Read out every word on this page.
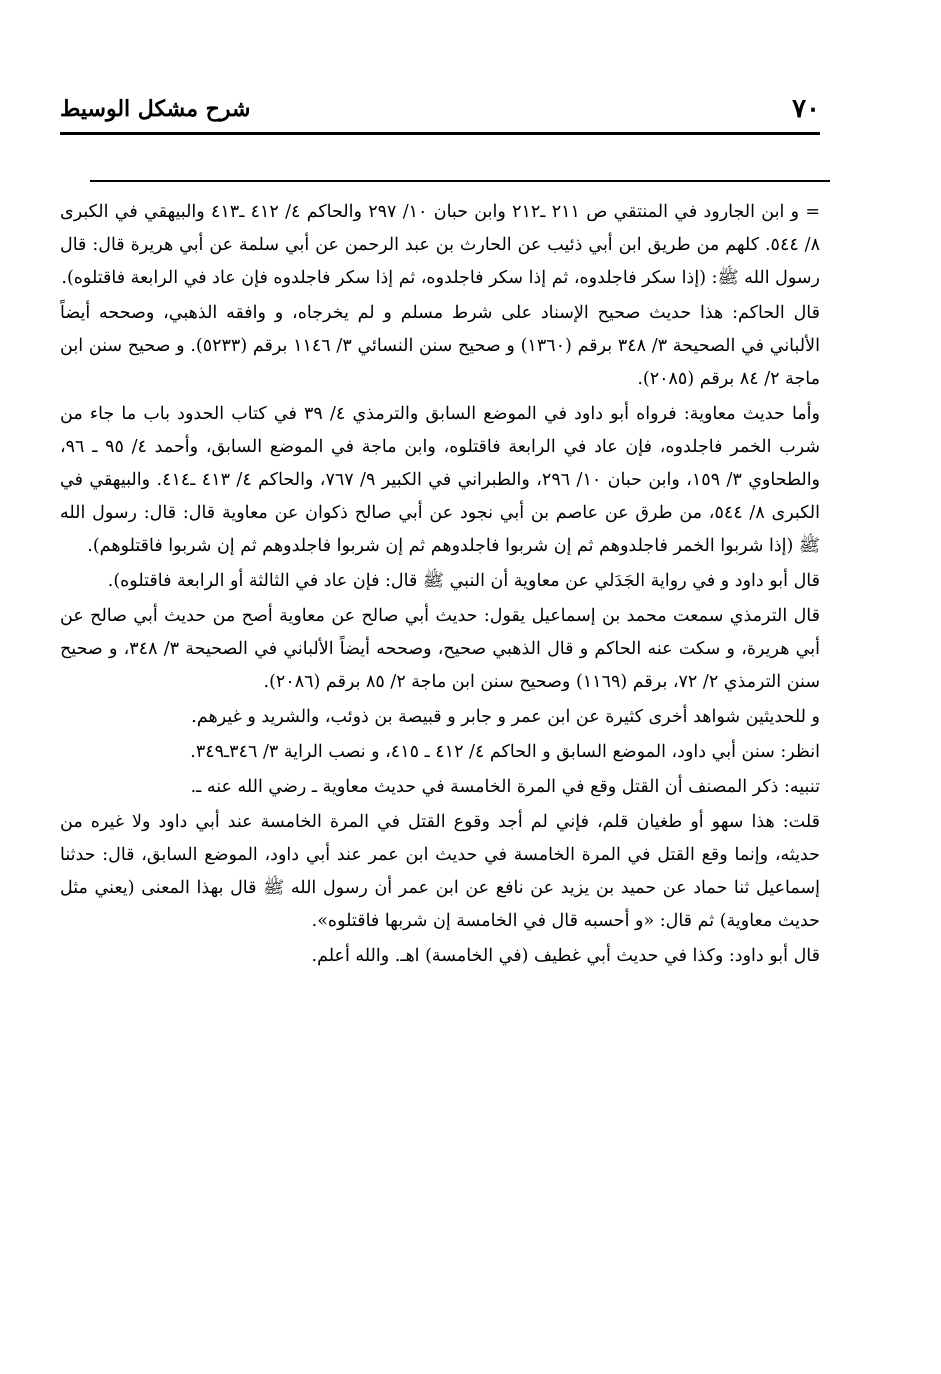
٧٠
شرح مشكل الوسيط

= و ابن الجارود في المنتقي ص ٢١١ ـ٢١٢ وابن حبان ١٠/ ٢٩٧ والحاكم ٤/ ٤١٢ ـ٤١٣ والبيهقي في الكبرى ٨/ ٥٤٤. كلهم من طريق ابن أبي ذئيب عن الحارث بن عبد الرحمن عن أبي سلمة عن أبي هريرة قال: قال رسول الله ﷺ: (إذا سكر فاجلدوه، ثم إذا سكر فاجلدوه، ثم إذا سكر فاجلدوه فإن عاد في الرابعة فاقتلوه).

قال الحاكم: هذا حديث صحيح الإسناد على شرط مسلم و لم يخرجاه، و وافقه الذهبي، وصححه أيضاً الألباني في الصحيحة ٣/ ٣٤٨ برقم (١٣٦٠) و صحيح سنن النسائي ٣/ ١١٤٦ برقم (٥٢٣٣). و صحيح سنن ابن ماجة ٢/ ٨٤ برقم (٢٠٨٥).

وأما حديث معاوية: فرواه أبو داود في الموضع السابق والترمذي ٤/ ٣٩ في كتاب الحدود باب ما جاء من شرب الخمر فاجلدوه، فإن عاد في الرابعة فاقتلوه، وابن ماجة في الموضع السابق، وأحمد ٤/ ٩٥ ـ ٩٦، والطحاوي ٣/ ١٥٩، وابن حبان ١٠/ ٢٩٦، والطبراني في الكبير ٩/ ٧٦٧، والحاكم ٤/ ٤١٣ ـ٤١٤. والبيهقي في الكبرى ٨/ ٥٤٤، من طرق عن عاصم بن أبي نجود عن أبي صالح ذكوان عن معاوية قال: قال: رسول الله ﷺ (إذا شربوا الخمر فاجلدوهم ثم إن شربوا فاجلدوهم ثم إن شربوا فاجلدوهم ثم إن شربوا فاقتلوهم).

قال أبو داود و في رواية الجَدَلي عن معاوية أن النبي ﷺ قال: فإن عاد في الثالثة أو الرابعة فاقتلوه).

قال الترمذي سمعت محمد بن إسماعيل يقول: حديث أبي صالح عن معاوية أصح من حديث أبي صالح عن أبي هريرة، و سكت عنه الحاكم و قال الذهبي صحيح، وصححه أيضاً الألباني في الصحيحة ٣/ ٣٤٨، و صحيح سنن الترمذي ٢/ ٧٢، برقم (١١٦٩) وصحيح سنن ابن ماجة ٢/ ٨٥ برقم (٢٠٨٦).

و للحديثين شواهد أخرى كثيرة عن ابن عمر و جابر و قبيصة بن ذوئب، والشريد و غيرهم.

انظر: سنن أبي داود، الموضع السابق و الحاكم ٤/ ٤١٢ ـ ٤١٥، و نصب الراية ٣/ ٣٤٦ـ٣٤٩.

تنبيه: ذكر المصنف أن القتل وقع في المرة الخامسة في حديث معاوية ـ رضي الله عنه ـ.

قلت: هذا سهو أو طغيان قلم، فإني لم أجد وقوع القتل في المرة الخامسة عند أبي داود ولا غيره من حديثه، وإنما وقع القتل في المرة الخامسة في حديث ابن عمر عند أبي داود، الموضع السابق، قال: حدثنا إسماعيل ثنا حماد عن حميد بن يزيد عن نافع عن ابن عمر أن رسول الله ﷺ قال بهذا المعنى (يعني مثل حديث معاوية) ثم قال: «و أحسبه قال في الخامسة إن شربها فاقتلوه».

قال أبو داود: وكذا في حديث أبي غطيف (في الخامسة) اهـ. والله أعلم.
